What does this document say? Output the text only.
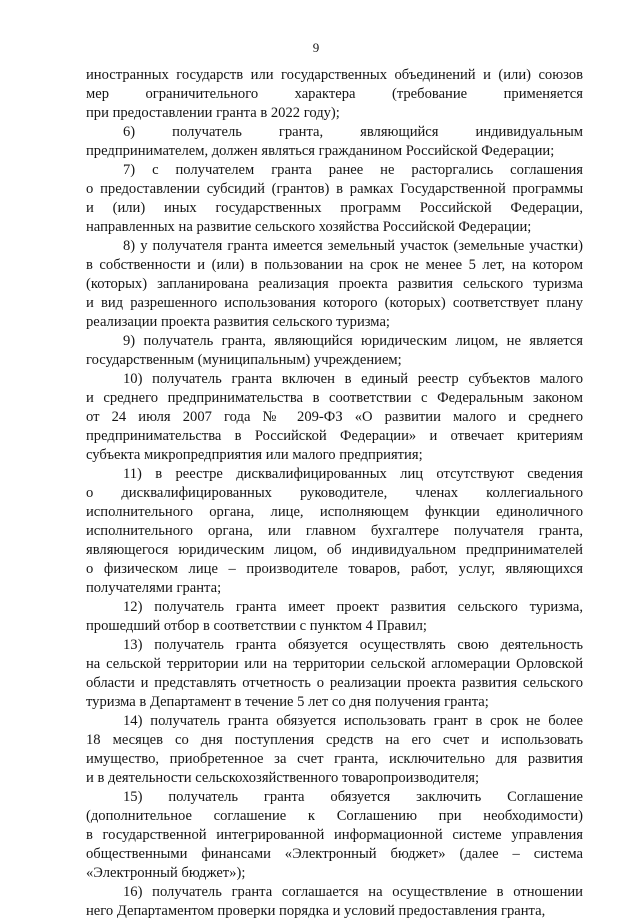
9
иностранных государств или государственных объединений и (или) союзов
мер ограничительного характера (требование применяется
при предоставлении гранта в 2022 году);
6) получатель гранта, являющийся индивидуальным
предпринимателем, должен являться гражданином Российской Федерации;
7) с получателем гранта ранее не расторгались соглашения
о предоставлении субсидий (грантов) в рамках Государственной программы
и (или) иных государственных программ Российской Федерации,
направленных на развитие сельского хозяйства Российской Федерации;
8) у получателя гранта имеется земельный участок (земельные участки)
в собственности и (или) в пользовании на срок не менее 5 лет, на котором
(которых) запланирована реализация проекта развития сельского туризма
и вид разрешенного использования которого (которых) соответствует плану
реализации проекта развития сельского туризма;
9) получатель гранта, являющийся юридическим лицом, не является
государственным (муниципальным) учреждением;
10) получатель гранта включен в единый реестр субъектов малого
и среднего предпринимательства в соответствии с Федеральным законом
от 24 июля 2007 года № 209-ФЗ «О развитии малого и среднего
предпринимательства в Российской Федерации» и отвечает критериям
субъекта микропредприятия или малого предприятия;
11) в реестре дисквалифицированных лиц отсутствуют сведения
о дисквалифицированных руководителе, членах коллегиального
исполнительного органа, лице, исполняющем функции единоличного
исполнительного органа, или главном бухгалтере получателя гранта,
являющегося юридическим лицом, об индивидуальном предпринимателей
о физическом лице – производителе товаров, работ, услуг, являющихся
получателями гранта;
12) получатель гранта имеет проект развития сельского туризма,
прошедший отбор в соответствии с пунктом 4 Правил;
13) получатель гранта обязуется осуществлять свою деятельность
на сельской территории или на территории сельской агломерации Орловской
области и представлять отчетность о реализации проекта развития сельского
туризма в Департамент в течение 5 лет со дня получения гранта;
14) получатель гранта обязуется использовать грант в срок не более
18 месяцев со дня поступления средств на его счет и использовать
имущество, приобретенное за счет гранта, исключительно для развития
и в деятельности сельскохозяйственного товаропроизводителя;
15) получатель гранта обязуется заключить Соглашение
(дополнительное соглашение к Соглашению при необходимости)
в государственной интегрированной информационной системе управления
общественными финансами «Электронный бюджет» (далее – система
«Электронный бюджет»);
16) получатель гранта соглашается на осуществление в отношении
него Департаментом проверки порядка и условий предоставления гранта,
